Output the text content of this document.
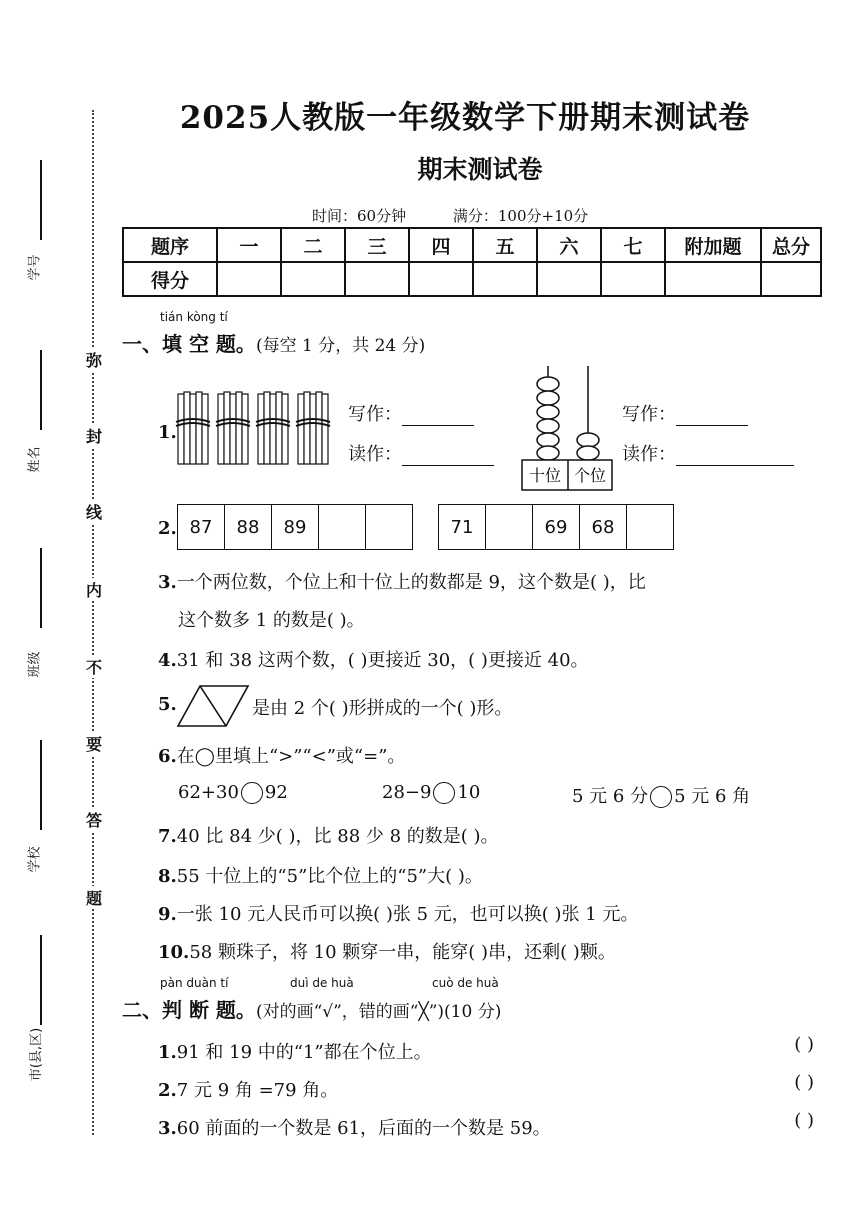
学号
姓名
班级
学校
市(县,区)
弥
封
线
内
不
要
答
题
2025人教版一年级数学下册期末测试卷
期末测试卷
时间：60分钟	满分：100分+10分
题序	一	二	三	四	五	六	七	附加题	总分
得分									
tián kòng tí
一、填 空 题。(每空 1 分，共 24 分)
1.
写作：
读作：
十位 个位
写作：
读作：
2. 87	88	89			71		69	68	
3.一个两位数，个位上和十位上的数都是 9，这个数是( )，比
这个数多 1 的数是( )。
4.31 和 38 这两个数，( )更接近 30，( )更接近 40。
5.	是由 2 个( )形拼成的一个( )形。
6.在◯里填上“>”“<”或“=”。
62+30 92	28−9 10	5 元 6 分 5 元 6 角
7.40 比 84 少( )，比 88 少 8 的数是( )。
8.55 十位上的“5”比个位上的“5”大( )。
9.一张 10 元人民币可以换( )张 5 元，也可以换( )张 1 元。
10.58 颗珠子，将 10 颗穿一串，能穿( )串，还剩( )颗。
pàn duàn tí	duì de huà	cuò de huà
二、判 断 题。(对的画“√”，错的画“╳”)(10 分)
1.91 和 19 中的“1”都在个位上。	( )
2.7 元 9 角 =79 角。	( )
3.60 前面的一个数是 61，后面的一个数是 59。	( )
